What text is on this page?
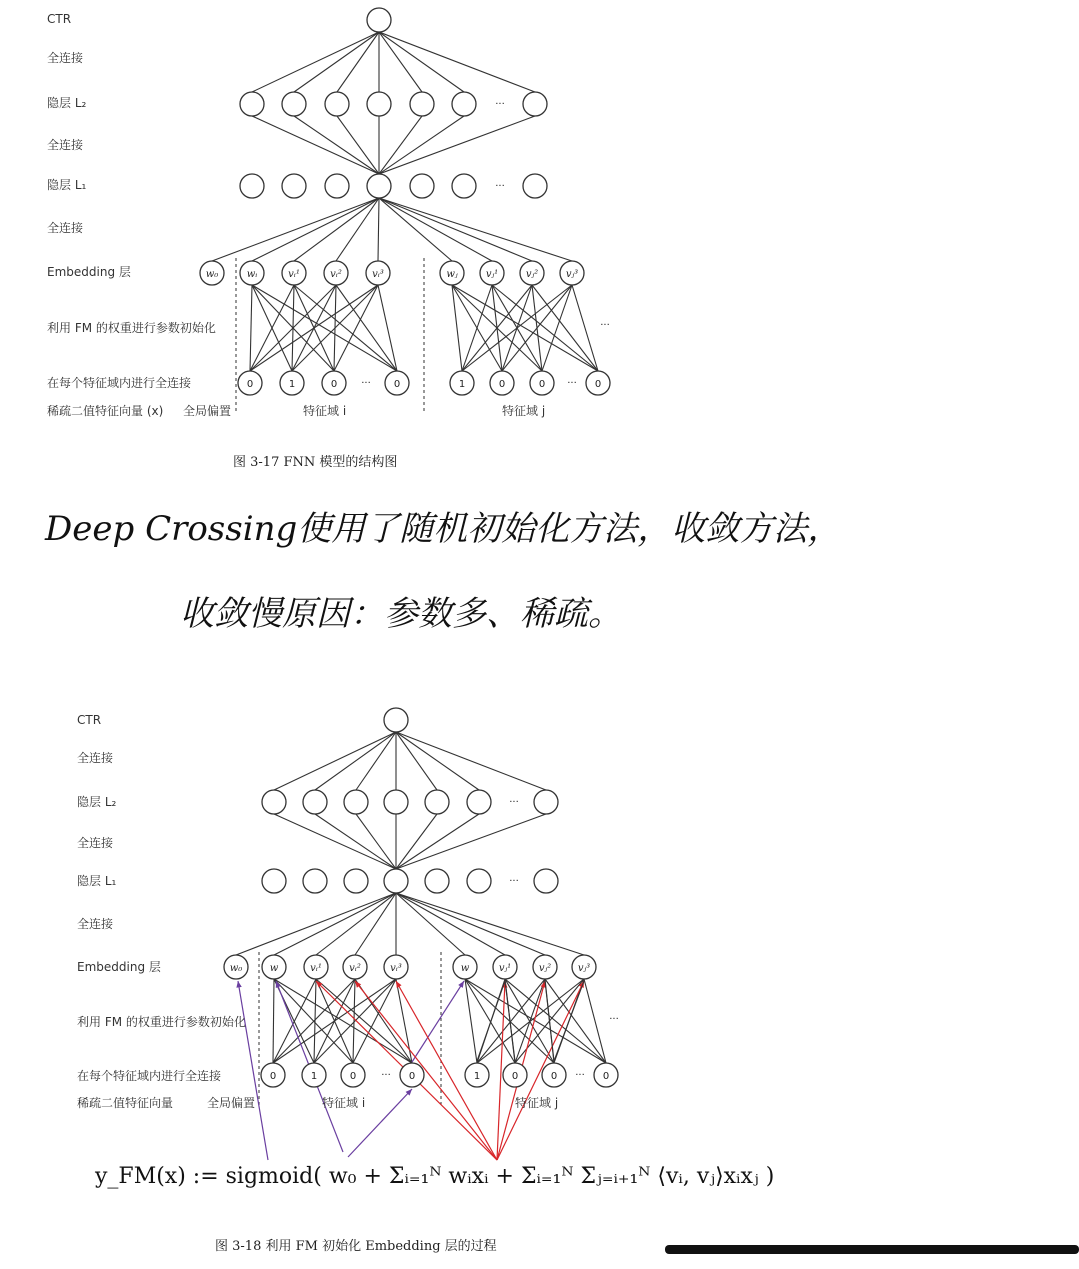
···
···
w₀	wᵢ	vᵢ¹	vᵢ²	vᵢ³	wⱼ	vⱼ¹	vⱼ²	vⱼ³
···
0	1	0	0
···	1	0	0	0
···
CTR
全连接
隐层 L₂
全连接
隐层 L₁
全连接
Embedding 层
利用 FM 的权重进行参数初始化
在每个特征域内进行全连接
稀疏二值特征向量 (x) 全局偏置	特征域 i	特征域 j
图 3-17 FNN 模型的结构图
Deep Crossing使用了随机初始化方法，收敛方法，
收敛慢原因：参数多、稀疏。
···
···
w₀	w	vᵢ¹	vᵢ²	vᵢ³	w	vⱼ¹	vⱼ²	vⱼ³
···
0	1	0	0
···	1	0	0	0
···
CTR
全连接
隐层 L₂
全连接
隐层 L₁
全连接
Embedding 层
利用 FM 的权重进行参数初始化
在每个特征域内进行全连接
稀疏二值特征向量	全局偏置	特征域 i	特征域 j
y_FM(x) := sigmoid( w₀ + Σᵢ₌₁ᴺ wᵢxᵢ + Σᵢ₌₁ᴺ Σⱼ₌ᵢ₊₁ᴺ ⟨vᵢ, vⱼ⟩xᵢxⱼ )
图 3-18 利用 FM 初始化 Embedding 层的过程
